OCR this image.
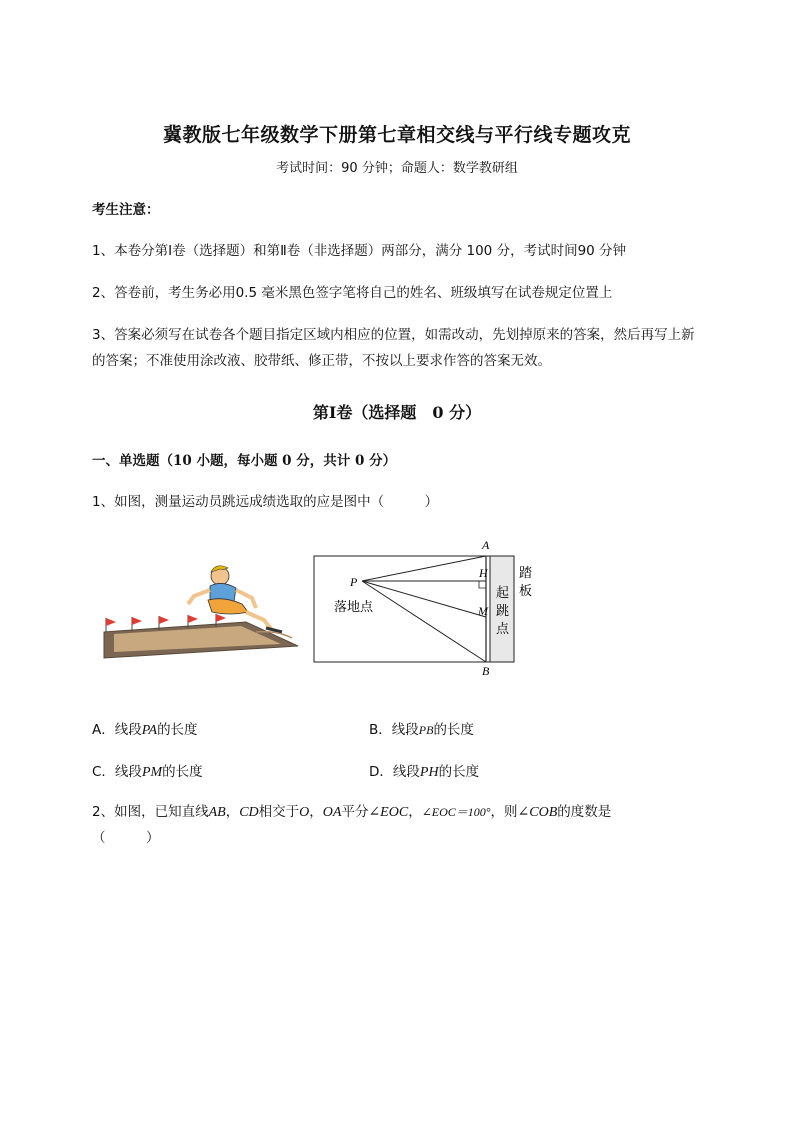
冀教版七年级数学下册第七章相交线与平行线专题攻克
考试时间：90 分钟；命题人：数学教研组
考生注意：
1、本卷分第Ⅰ卷（选择题）和第Ⅱ卷（非选择题）两部分，满分 100 分，考试时间90 分钟
2、答卷前，考生务必用0.5 毫米黑色签字笔将自己的姓名、班级填写在试卷规定位置上
3、答案必须写在试卷各个题目指定区域内相应的位置，如需改动，先划掉原来的答案，然后再写上新
的答案；不准使用涂改液、胶带纸、修正带，不按以上要求作答的答案无效。
第Ⅰ卷（选择题　0 分）
一、单选题（10 小题，每小题 0 分，共计 0 分）
1、如图，测量运动员跳远成绩选取的应是图中（　　　）
A
H
M
B
P
落地点
起
跳
点
踏
板
A．线段PA的长度	B．线段PB的长度
C．线段PM的长度	D．线段PH的长度
2、如图，已知直线AB，CD相交于O，OA平分∠EOC，∠EOC＝100°，则∠COB的度数是
（　　　）
